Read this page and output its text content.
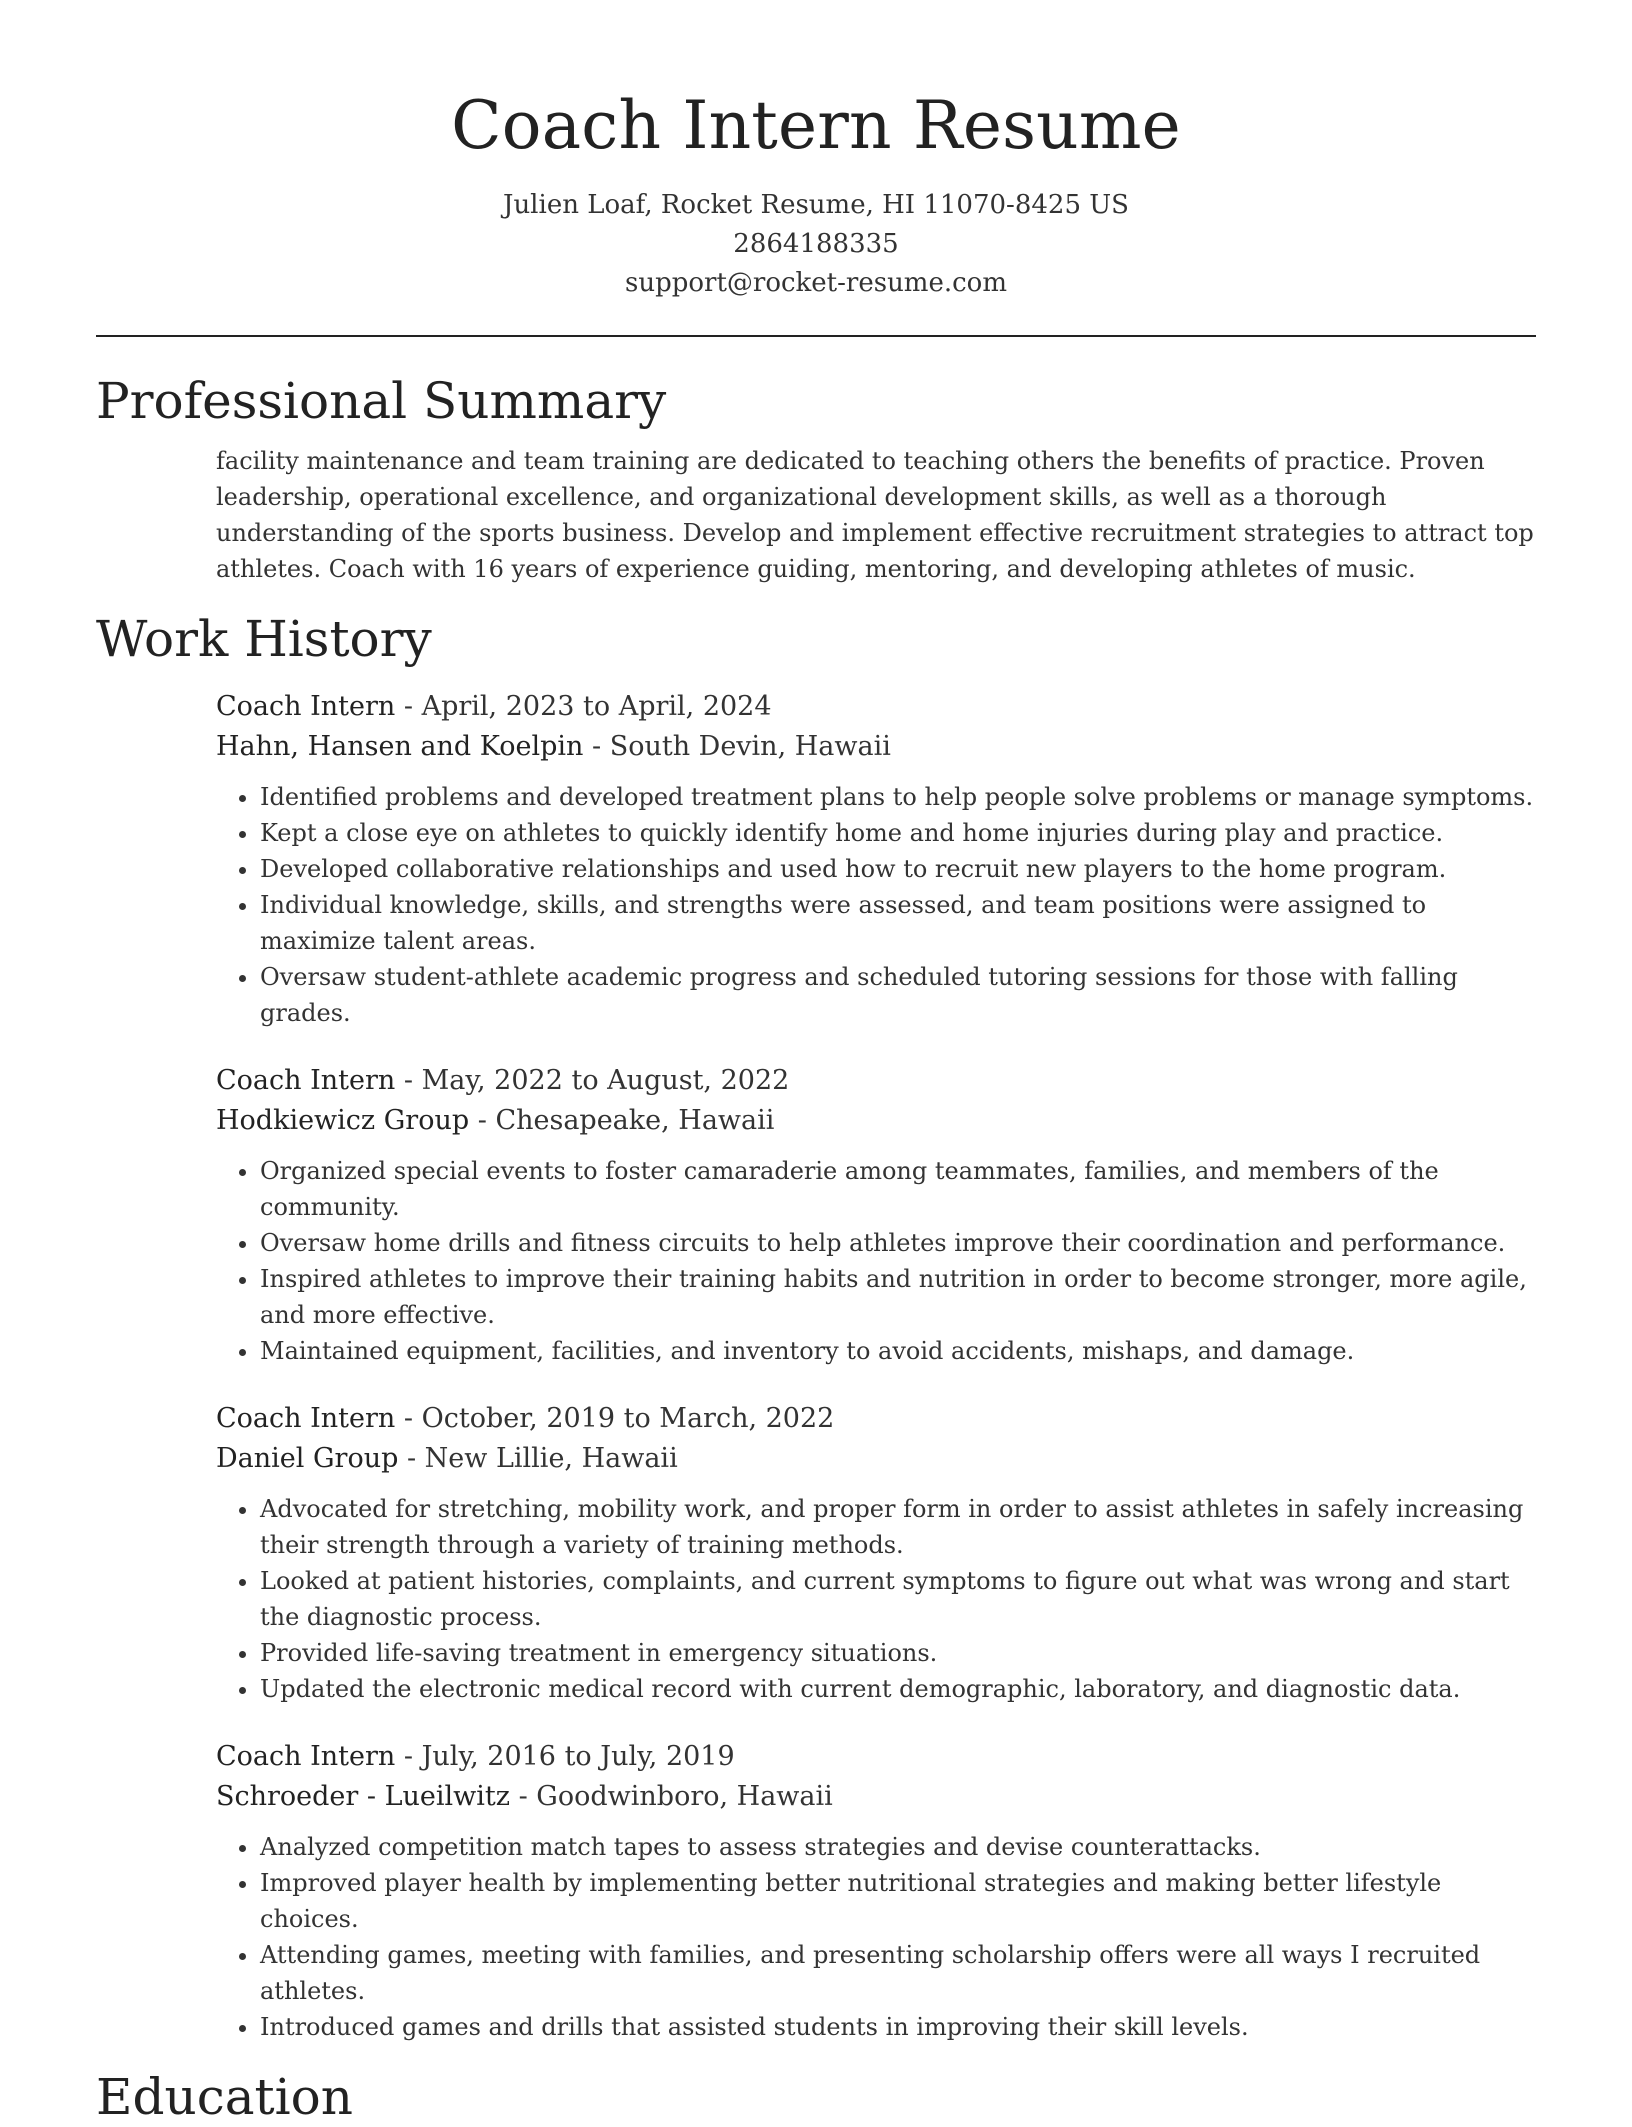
Coach Intern Resume
Julien Loaf, Rocket Resume, HI 11070-8425 US
2864188335
support@rocket-resume.com
Professional Summary
facility maintenance and team training are dedicated to teaching others the benefits of practice. Proven leadership, operational excellence, and organizational development skills, as well as a thorough understanding of the sports business. Develop and implement effective recruitment strategies to attract top athletes. Coach with 16 years of experience guiding, mentoring, and developing athletes of music.
Work History
Coach Intern - April, 2023 to April, 2024
Hahn, Hansen and Koelpin - South Devin, Hawaii
• Identified problems and developed treatment plans to help people solve problems or manage symptoms.
• Kept a close eye on athletes to quickly identify home and home injuries during play and practice.
• Developed collaborative relationships and used how to recruit new players to the home program.
• Individual knowledge, skills, and strengths were assessed, and team positions were assigned to maximize talent areas.
• Oversaw student-athlete academic progress and scheduled tutoring sessions for those with falling grades.
Coach Intern - May, 2022 to August, 2022
Hodkiewicz Group - Chesapeake, Hawaii
• Organized special events to foster camaraderie among teammates, families, and members of the community.
• Oversaw home drills and fitness circuits to help athletes improve their coordination and performance.
• Inspired athletes to improve their training habits and nutrition in order to become stronger, more agile, and more effective.
• Maintained equipment, facilities, and inventory to avoid accidents, mishaps, and damage.
Coach Intern - October, 2019 to March, 2022
Daniel Group - New Lillie, Hawaii
• Advocated for stretching, mobility work, and proper form in order to assist athletes in safely increasing their strength through a variety of training methods.
• Looked at patient histories, complaints, and current symptoms to figure out what was wrong and start the diagnostic process.
• Provided life-saving treatment in emergency situations.
• Updated the electronic medical record with current demographic, laboratory, and diagnostic data.
Coach Intern - July, 2016 to July, 2019
Schroeder - Lueilwitz - Goodwinboro, Hawaii
• Analyzed competition match tapes to assess strategies and devise counterattacks.
• Improved player health by implementing better nutritional strategies and making better lifestyle choices.
• Attending games, meeting with families, and presenting scholarship offers were all ways I recruited athletes.
• Introduced games and drills that assisted students in improving their skill levels.
Education
